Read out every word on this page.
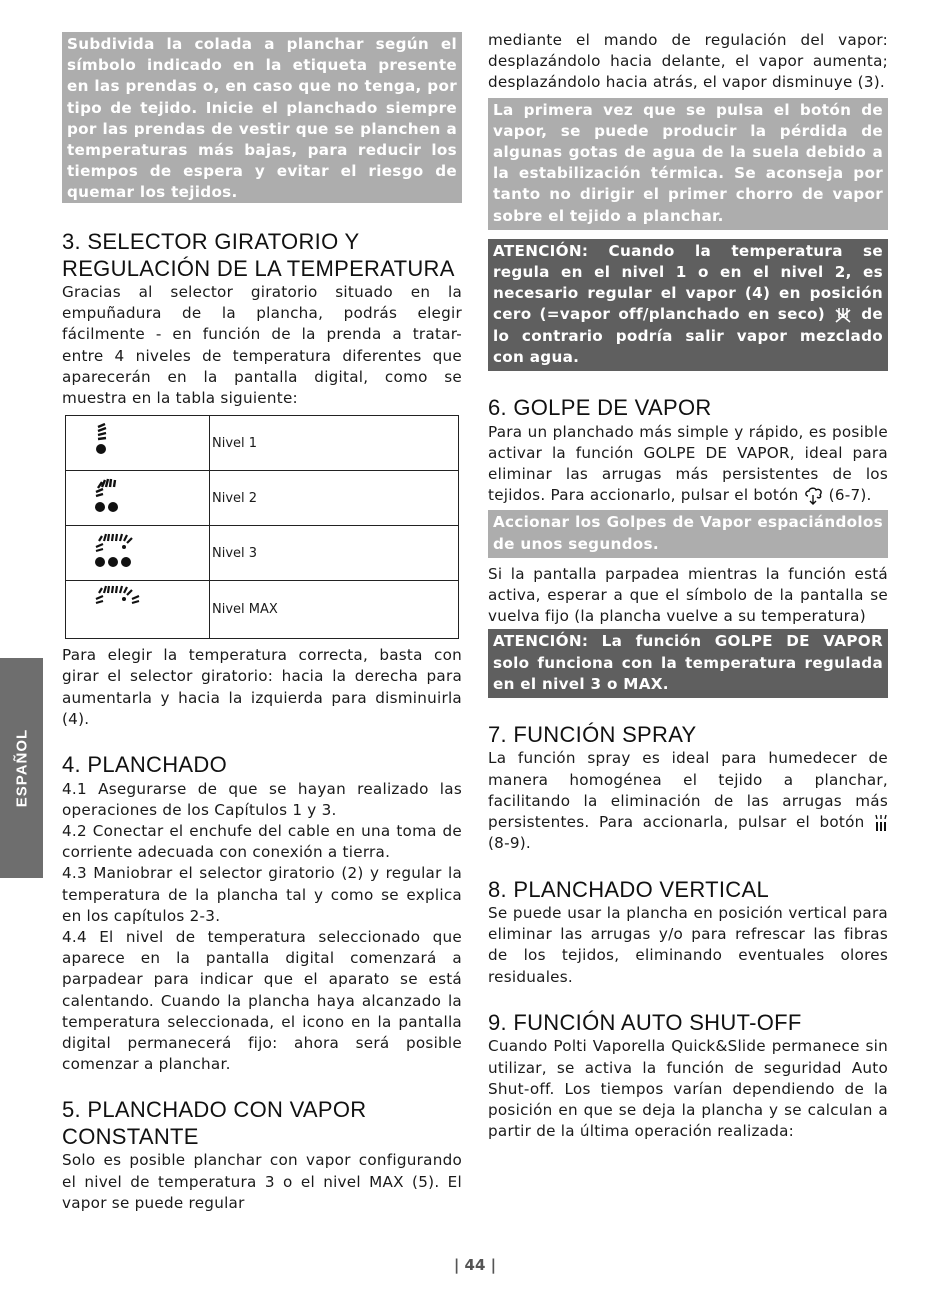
ESPAÑOL
Subdivida la colada a planchar según el símbolo indicado en la etiqueta presente en las prendas o, en caso que no tenga, por tipo de tejido. Inicie el planchado siempre por las prendas de vestir que se planchen a temperaturas más bajas, para reducir los tiempos de espera y evitar el riesgo de quemar los tejidos.
3. SELECTOR GIRATORIO Y REGULACIÓN DE LA TEMPERATURA

Gracias al selector giratorio situado en la empuñadura de la plancha, podrás elegir fácilmente - en función de la prenda a tratar- entre 4 niveles de temperatura diferentes que aparecerán en la pantalla digital, como se muestra en la tabla siguiente:

	Nivel 1
	Nivel 2
	Nivel 3
	Nivel MAX

Para elegir la temperatura correcta, basta con girar el selector giratorio: hacia la derecha para aumentarla y hacia la izquierda para disminuirla (4).

4. PLANCHADO

4.1 Asegurarse de que se hayan realizado las operaciones de los Capítulos 1 y 3.

4.2 Conectar el enchufe del cable en una toma de corriente adecuada con conexión a tierra.

4.3 Maniobrar el selector giratorio (2) y regular la temperatura de la plancha tal y como se explica en los capítulos 2-3.

4.4 El nivel de temperatura seleccionado que aparece en la pantalla digital comenzará a parpadear para indicar que el aparato se está calentando. Cuando la plancha haya alcanzado la temperatura seleccionada, el icono en la pantalla digital permanecerá fijo: ahora será posible comenzar a planchar.

5. PLANCHADO CON VAPOR CONSTANTE

Solo es posible planchar con vapor configurando el nivel de temperatura 3 o el nivel MAX (5). El vapor se puede regular

mediante el mando de regulación del vapor: desplazándolo hacia delante, el vapor aumenta; desplazándolo hacia atrás, el vapor disminuye (3).

La primera vez que se pulsa el botón de vapor, se puede producir la pérdida de algunas gotas de agua de la suela debido a la estabilización térmica. Se aconseja por tanto no dirigir el primer chorro de vapor sobre el tejido a planchar.
ATENCIÓN: Cuando la temperatura se regula en el nivel 1 o en el nivel 2, es necesario regular el vapor (4) en posición cero (=vapor off/planchado en seco) de lo contrario podría salir vapor mezclado con agua.
6. GOLPE DE VAPOR

Para un planchado más simple y rápido, es posible activar la función GOLPE DE VAPOR, ideal para eliminar las arrugas más persistentes de los tejidos. Para accionarlo, pulsar el botón (6-7).

Accionar los Golpes de Vapor espaciándolos de unos segundos.

Si la pantalla parpadea mientras la función está activa, esperar a que el símbolo de la pantalla se vuelva fijo (la plancha vuelve a su temperatura)

ATENCIÓN: La función GOLPE DE VAPOR solo funciona con la temperatura regulada en el nivel 3 o MAX.
7. FUNCIÓN SPRAY

La función spray es ideal para humedecer de manera homogénea el tejido a planchar, facilitando la eliminación de las arrugas más persistentes. Para accionarla, pulsar el botón  (8-9).

8. PLANCHADO VERTICAL

Se puede usar la plancha en posición vertical para eliminar las arrugas y/o para refrescar las fibras de los tejidos, eliminando eventuales olores residuales.

9. FUNCIÓN AUTO SHUT-OFF

Cuando Polti Vaporella Quick&Slide permanece sin utilizar, se activa la función de seguridad Auto Shut-off. Los tiempos varían dependiendo de la posición en que se deja la plancha y se calculan a partir de la última operación realizada:

| 44 |
